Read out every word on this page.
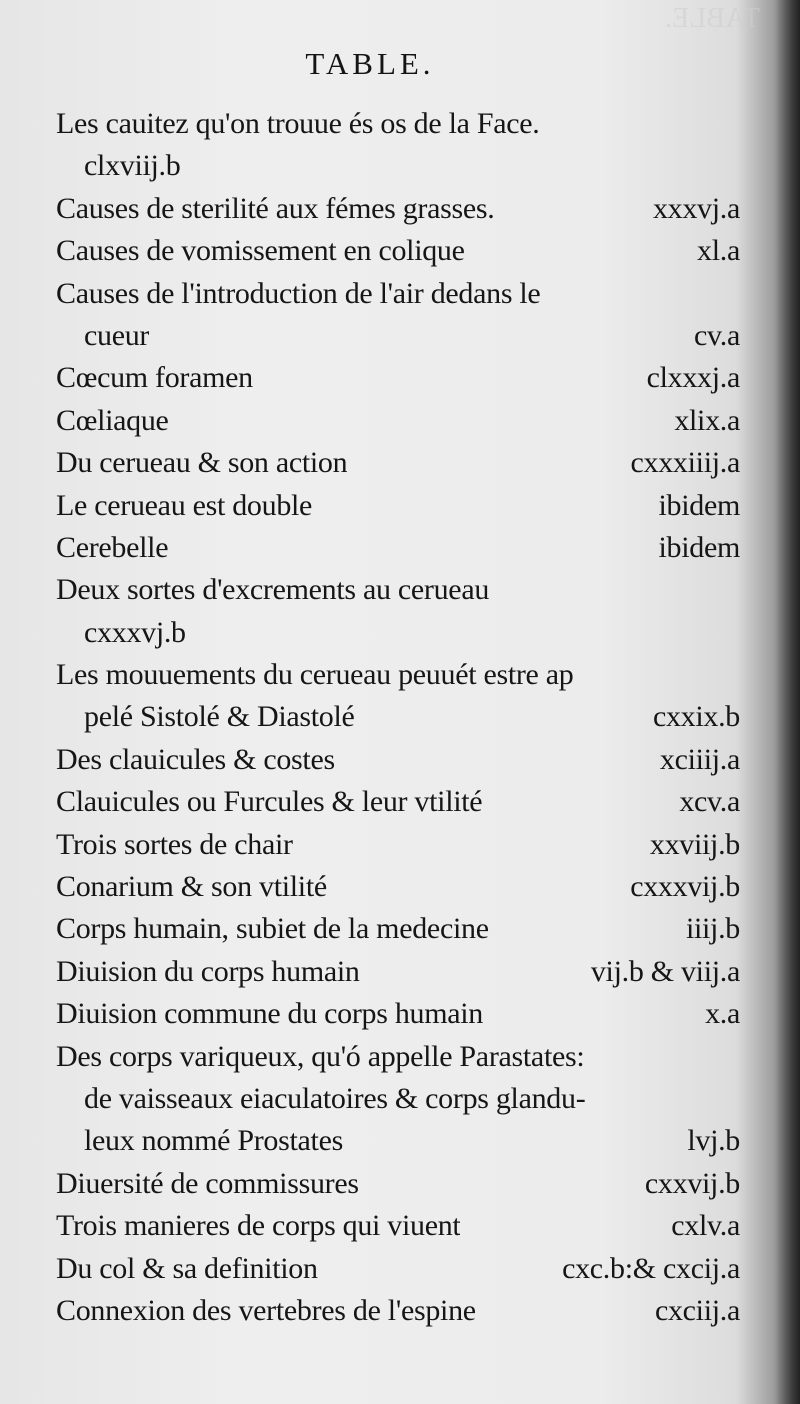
TABLE.
TABLE.
Les cauitez qu'on trouue és os de la Face.
clxviij.b
Causes de sterilité aux fémes grasses.	xxxvj.a
Causes de vomissement en colique	xl.a
Causes de l'introduction de l'air dedans le
cueur	cv.a
Cœcum foramen	clxxxj.a
Cœliaque	xlix.a
Du cerueau & son action	cxxxiiij.a
Le cerueau est double	ibidem
Cerebelle	ibidem
Deux sortes d'excrements au cerueau
cxxxvj.b
Les mouuements du cerueau peuuét estre ap
pelé Sistolé & Diastolé	cxxix.b
Des clauicules & costes	xciiij.a
Clauicules ou Furcules & leur vtilité	xcv.a
Trois sortes de chair	xxviij.b
Conarium & son vtilité	cxxxvij.b
Corps humain, subiet de la medecine	iiij.b
Diuision du corps humain	vij.b & viij.a
Diuision commune du corps humain	x.a
Des corps variqueux, qu'ó appelle Parastates:
de vaisseaux eiaculatoires & corps glandu-
leux nommé Prostates	lvj.b
Diuersité de commissures	cxxvij.b
Trois manieres de corps qui viuent	cxlv.a
Du col & sa definition	cxc.b:& cxcij.a
Connexion des vertebres de l'espine	cxciij.a
